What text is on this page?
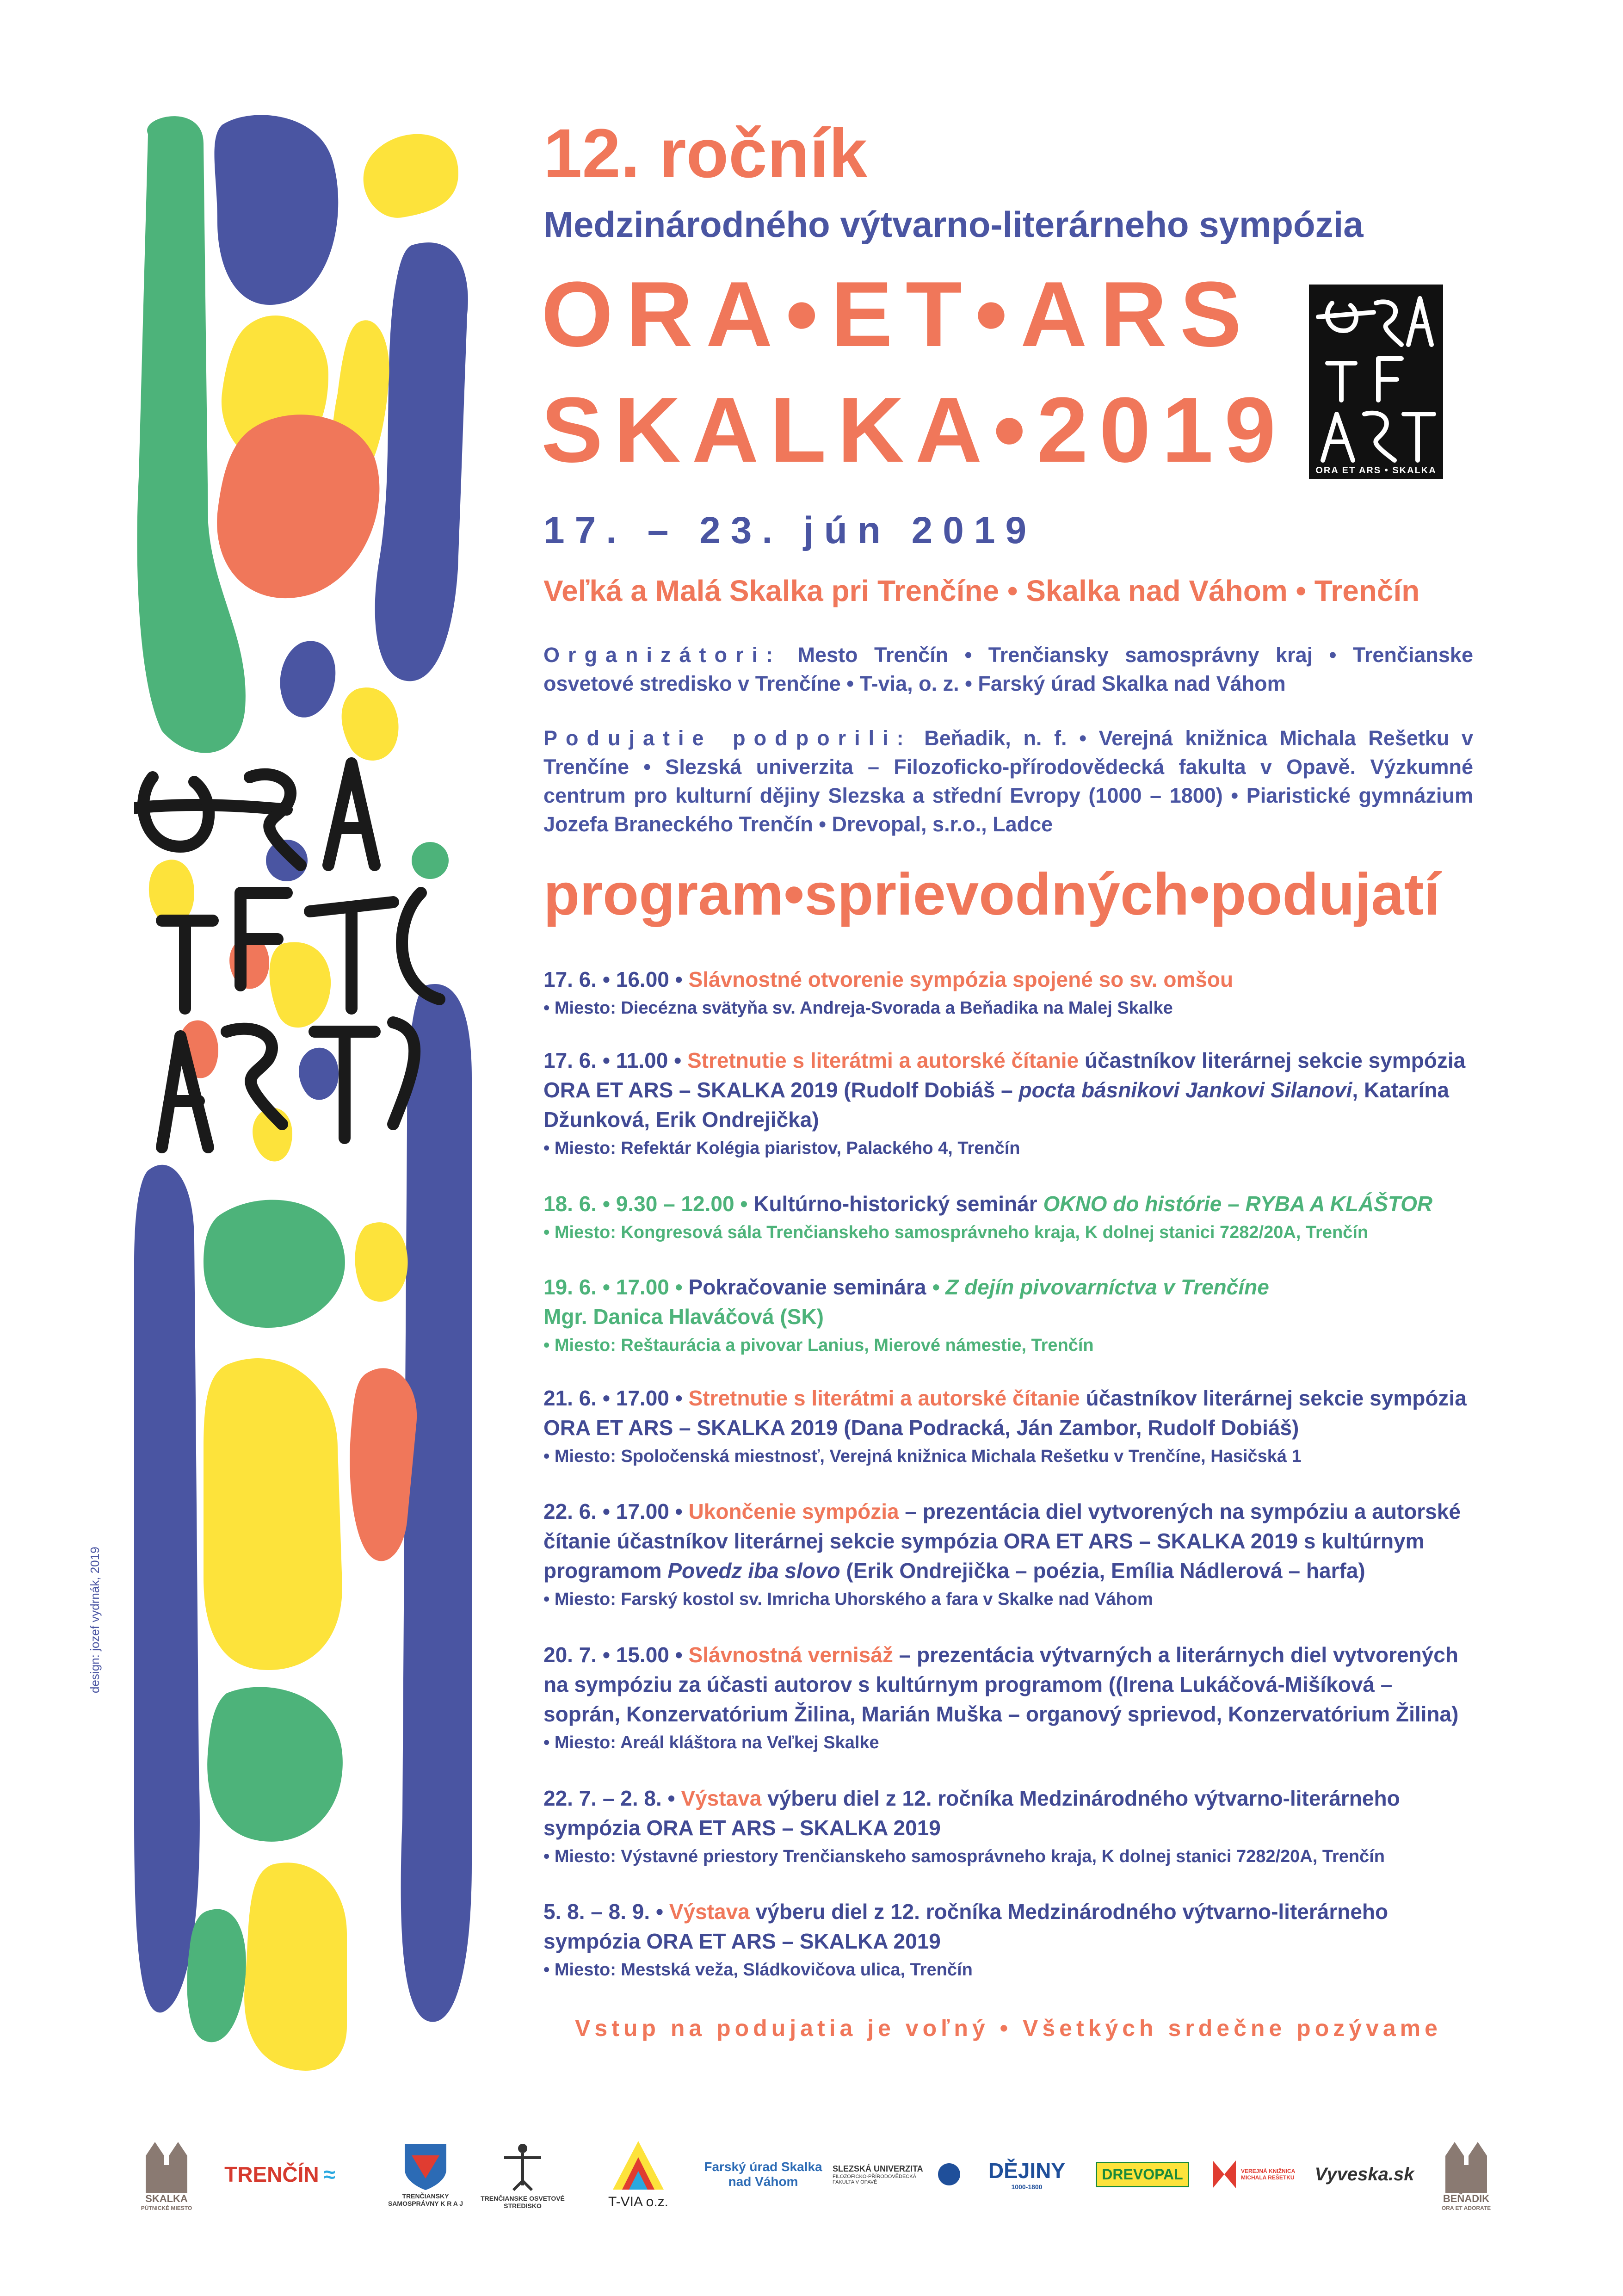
design: jozef vydrnák, 2019
12. ročník
Medzinárodného výtvarno-literárneho sympózia
ORA•ET•ARS
SKALKA•2019	ORA ET ARS • SKALKA
17. – 23. jún 2019
Veľká a Malá Skalka pri Trenčíne • Skalka nad Váhom • Trenčín
Organizátori: Mesto Trenčín • Trenčiansky samosprávny kraj • Trenčianske osvetové stredisko v Trenčíne • T-via, o. z. • Farský úrad Skalka nad Váhom
Podujatie podporili: Beňadik, n. f. • Verejná knižnica Michala Rešetku v Trenčíne • Slezská univerzita – Filozoficko-přírodovědecká fakulta v Opavě. Výzkumné centrum pro kulturní dějiny Slezska a střední Evropy (1000 – 1800) • Piaristické gymnázium Jozefa Braneckého Trenčín • Drevopal, s.r.o., Ladce
program•sprievodných•podujatí
17. 6. • 16.00 • Slávnostné otvorenie sympózia spojené so sv. omšou
• Miesto: Diecézna svätyňa sv. Andreja-Svorada a Beňadika na Malej Skalke
17. 6. • 11.00 • Stretnutie s literátmi a autorské čítanie účastníkov literárnej sekcie sympózia ORA ET ARS – SKALKA 2019 (Rudolf Dobiáš – pocta básnikovi Jankovi Silanovi, Katarína Džunková, Erik Ondrejička)
• Miesto: Refektár Kolégia piaristov, Palackého 4, Trenčín
18. 6. • 9.30 – 12.00 • Kultúrno-historický seminár OKNO do histórie – RYBA A KLÁŠTOR
• Miesto: Kongresová sála Trenčianskeho samosprávneho kraja, K dolnej stanici 7282/20A, Trenčín
19. 6. • 17.00 • Pokračovanie seminára • Z dejín pivovarníctva v Trenčíne
Mgr. Danica Hlaváčová (SK)
• Miesto: Reštaurácia a pivovar Lanius, Mierové námestie, Trenčín
21. 6. • 17.00 • Stretnutie s literátmi a autorské čítanie účastníkov literárnej sekcie sympózia ORA ET ARS – SKALKA 2019 (Dana Podracká, Ján Zambor, Rudolf Dobiáš)
• Miesto: Spoločenská miestnosť, Verejná knižnica Michala Rešetku v Trenčíne, Hasičská 1
22. 6. • 17.00 • Ukončenie sympózia – prezentácia diel vytvorených na sympóziu a autorské čítanie účastníkov literárnej sekcie sympózia ORA ET ARS – SKALKA 2019 s kultúrnym programom Povedz iba slovo (Erik Ondrejička – poézia, Emília Nádlerová – harfa)
• Miesto: Farský kostol sv. Imricha Uhorského a fara v Skalke nad Váhom
20. 7. • 15.00 • Slávnostná vernisáž – prezentácia výtvarných a literárnych diel vytvorených na sympóziu za účasti autorov s kultúrnym programom ((Irena Lukáčová-Mišíková – soprán, Konzervatórium Žilina, Marián Muška – organový sprievod, Konzervatórium Žilina)
• Miesto: Areál kláštora na Veľkej Skalke
22. 7. – 2. 8. • Výstava výberu diel z 12. ročníka Medzinárodného výtvarno-literárneho sympózia ORA ET ARS – SKALKA 2019
• Miesto: Výstavné priestory Trenčianskeho samosprávneho kraja, K dolnej stanici 7282/20A, Trenčín
5. 8. – 8. 9. • Výstava výberu diel z 12. ročníka Medzinárodného výtvarno-literárneho sympózia ORA ET ARS – SKALKA 2019
• Miesto: Mestská veža, Sládkovičova ulica, Trenčín
Vstup na podujatia je voľný • Všetkých srdečne pozývame
SKALKA
PÚTNICKÉ MIESTO
TRENČÍN ≈
TRENČIANSKY SAMOSPRÁVNY K R A J
TRENČIANSKE OSVETOVÉ STREDISKO	T-VIA o.z.
Farský úrad Skalka nad Váhom
SLEZSKÁ UNIVERZITA
FILOZOFICKO-PŘÍRODOVĚDECKÁ FAKULTA V OPAVĚ	DĚJINY
1000-1800
DREVOPAL	VEREJNÁ KNIŽNICA MICHALA REŠETKU Vyveska.sk
BEŇADIK
ORA ET ADORATE
